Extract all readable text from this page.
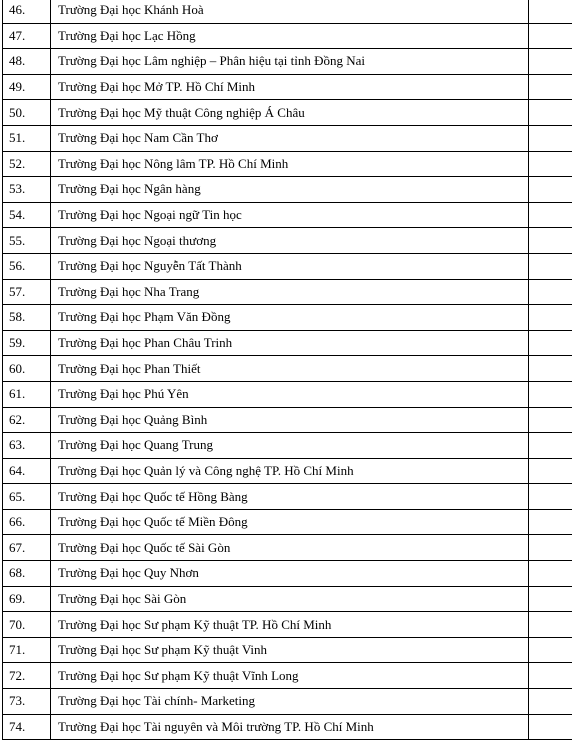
46.	Trường Đại học Khánh Hoà	
47.	Trường Đại học Lạc Hồng	
48.	Trường Đại học Lâm nghiệp – Phân hiệu tại tỉnh Đồng Nai	
49.	Trường Đại học Mở TP. Hồ Chí Minh	
50.	Trường Đại học Mỹ thuật Công nghiệp Á Châu	
51.	Trường Đại học Nam Cần Thơ	
52.	Trường Đại học Nông lâm TP. Hồ Chí Minh	
53.	Trường Đại học Ngân hàng	
54.	Trường Đại học Ngoại ngữ Tin học	
55.	Trường Đại học Ngoại thương	
56.	Trường Đại học Nguyễn Tất Thành	
57.	Trường Đại học Nha Trang	
58.	Trường Đại học Phạm Văn Đồng	
59.	Trường Đại học Phan Châu Trinh	
60.	Trường Đại học Phan Thiết	
61.	Trường Đại học Phú Yên	
62.	Trường Đại học Quảng Bình	
63.	Trường Đại học Quang Trung	
64.	Trường Đại học Quản lý và Công nghệ TP. Hồ Chí Minh	
65.	Trường Đại học Quốc tế Hồng Bàng	
66.	Trường Đại học Quốc tế Miền Đông	
67.	Trường Đại học Quốc tế Sài Gòn	
68.	Trường Đại học Quy Nhơn	
69.	Trường Đại học Sài Gòn	
70.	Trường Đại học Sư phạm Kỹ thuật TP. Hồ Chí Minh	
71.	Trường Đại học Sư phạm Kỹ thuật Vinh	
72.	Trường Đại học Sư phạm Kỹ thuật Vĩnh Long	
73.	Trường Đại học Tài chính- Marketing	
74.	Trường Đại học Tài nguyên và Môi trường TP. Hồ Chí Minh	
